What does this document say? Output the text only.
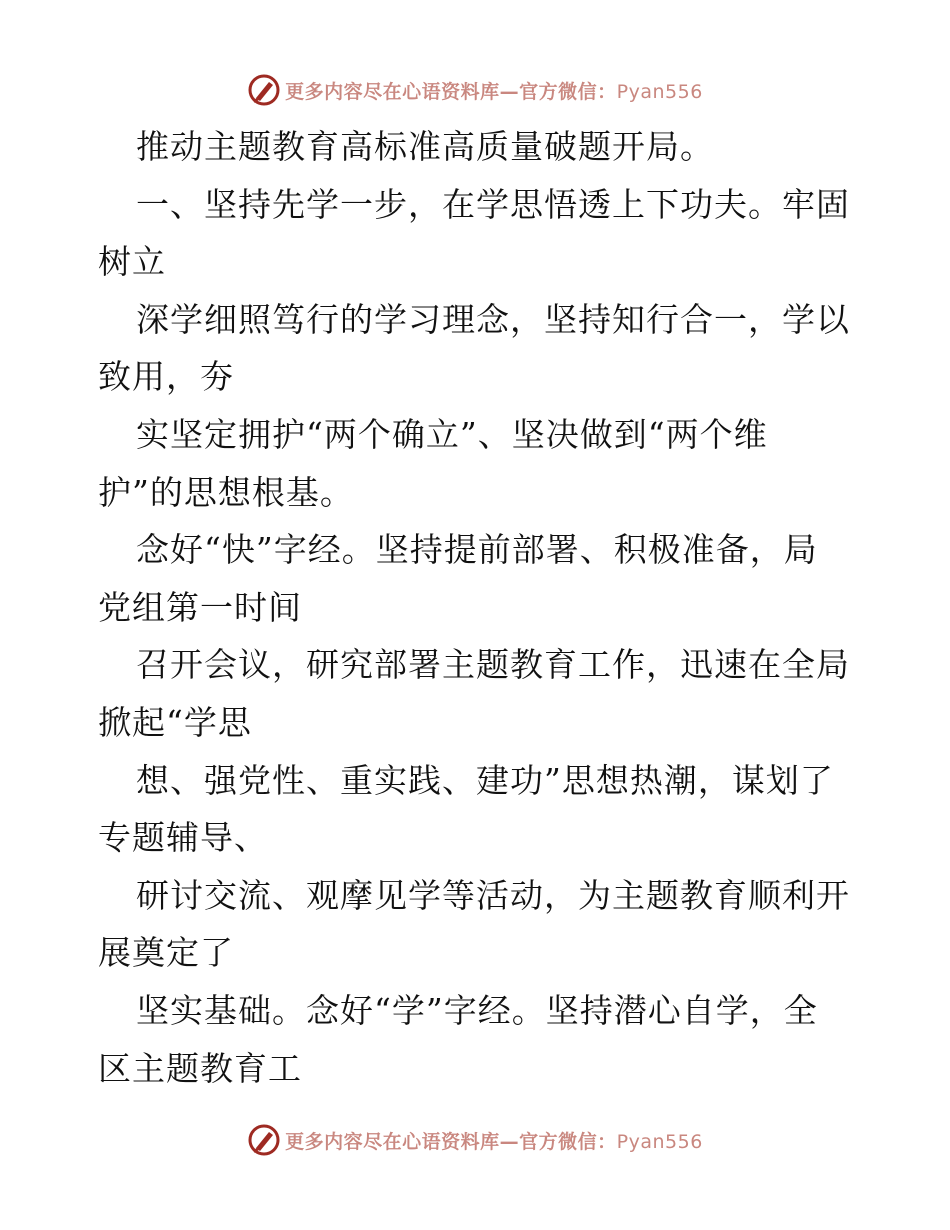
更多内容尽在心语资料库—官方微信：Pyan556
推动主题教育高标准高质量破题开局。
一、坚持先学一步，在学思悟透上下功夫。牢固
树立
深学细照笃行的学习理念，坚持知行合一，学以
致用，夯
实坚定拥护“两个确立”、坚决做到“两个维
护”的思想根基。
念好“快”字经。坚持提前部署、积极准备，局
党组第一时间
召开会议，研究部署主题教育工作，迅速在全局
掀起“学思
想、强党性、重实践、建功”思想热潮，谋划了
专题辅导、
研讨交流、观摩见学等活动，为主题教育顺利开
展奠定了
坚实基础。念好“学”字经。坚持潜心自学，全
区主题教育工
更多内容尽在心语资料库—官方微信：Pyan556
